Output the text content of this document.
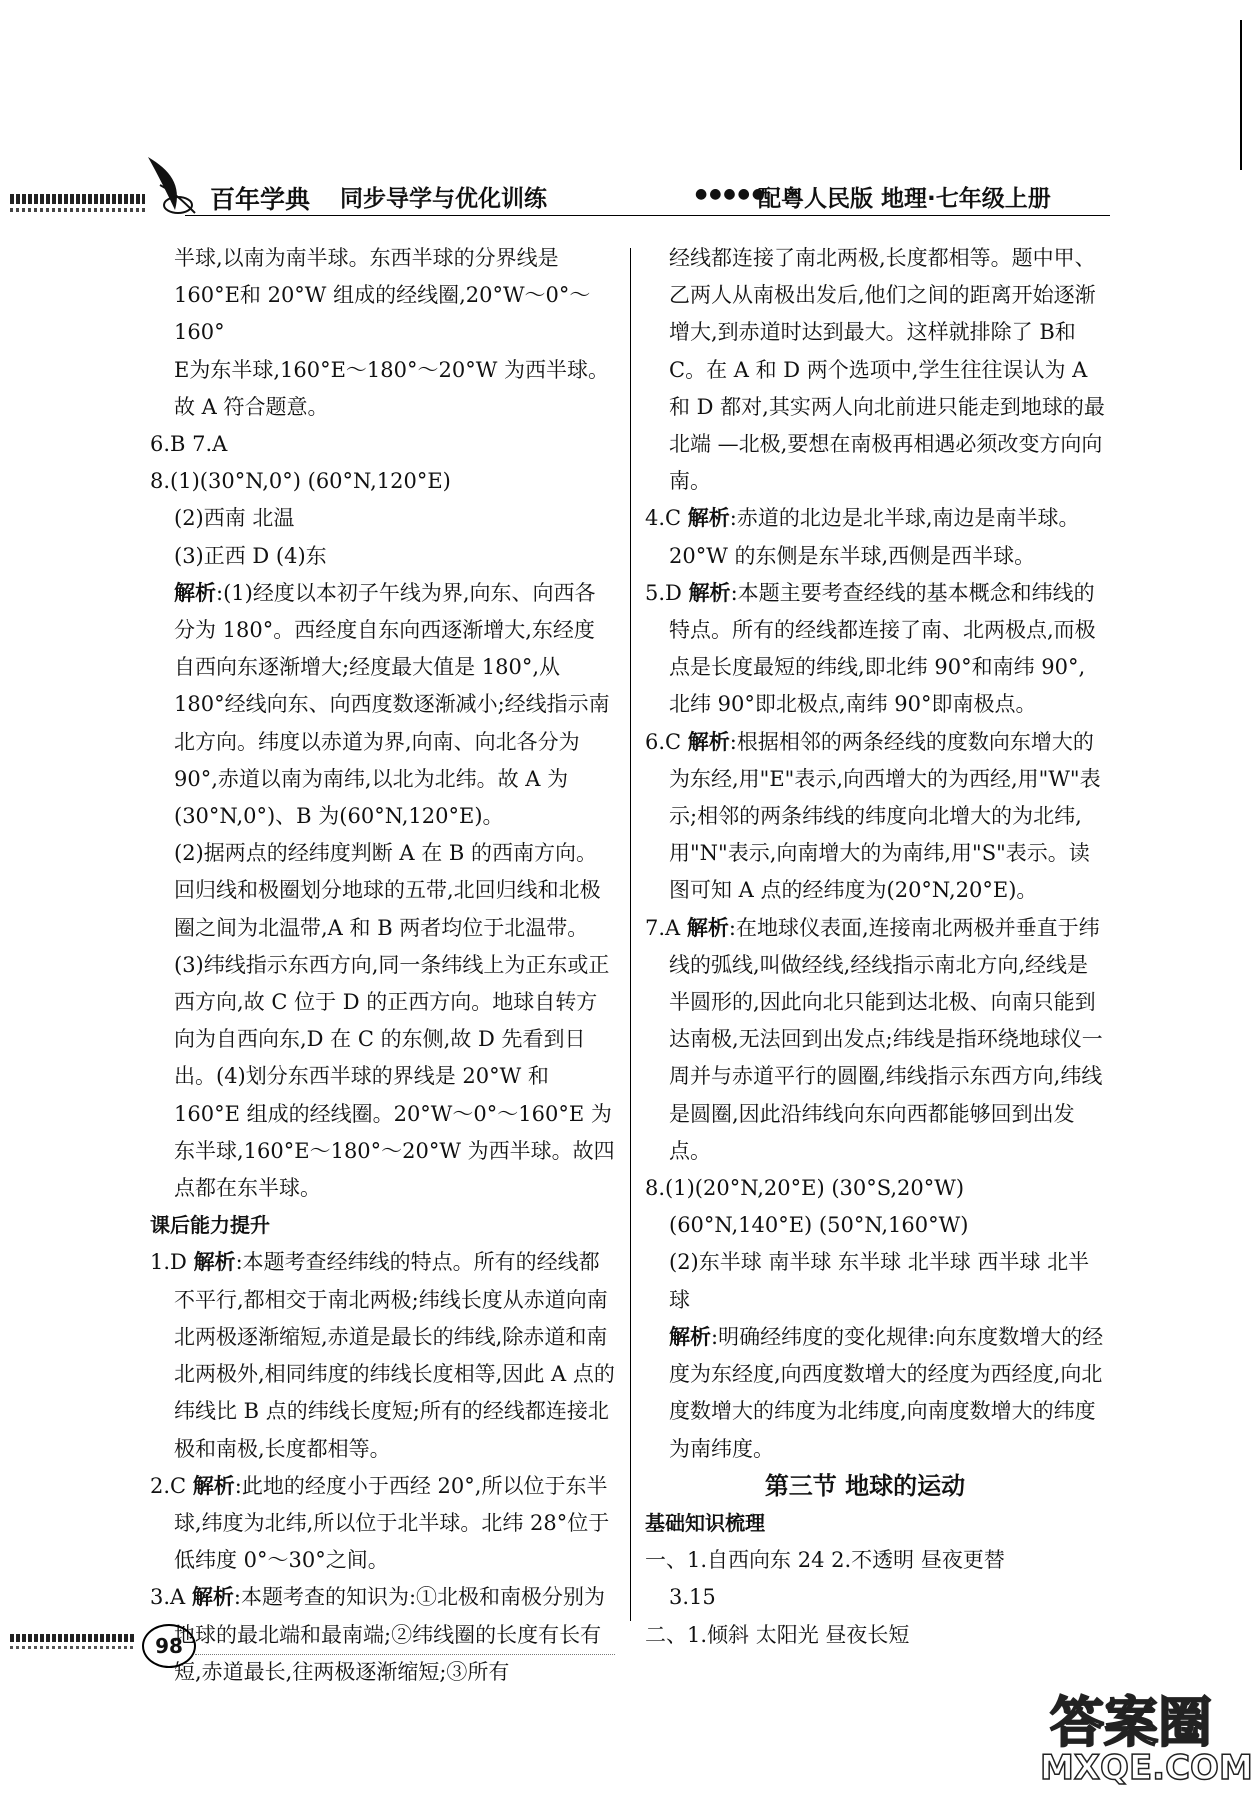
百年学典 同步导学与优化训练	●●●●●
配粤人民版 地理·七年级上册

半球,以南为南半球。东西半球的分界线是

160°E和 20°W 组成的经线圈,20°W～0°～160°

E为东半球,160°E～180°～20°W 为西半球。

故 A 符合题意。

6.B 7.A

8.(1)(30°N,0°) (60°N,120°E)

(2)西南 北温

(3)正西 D (4)东

解析:(1)经度以本初子午线为界,向东、向西各分为 180°。西经度自东向西逐渐增大,东经度自西向东逐渐增大;经度最大值是 180°,从 180°经线向东、向西度数逐渐减小;经线指示南北方向。纬度以赤道为界,向南、向北各分为 90°,赤道以南为南纬,以北为北纬。故 A 为(30°N,0°)、B 为(60°N,120°E)。

(2)据两点的经纬度判断 A 在 B 的西南方向。回归线和极圈划分地球的五带,北回归线和北极圈之间为北温带,A 和 B 两者均位于北温带。(3)纬线指示东西方向,同一条纬线上为正东或正西方向,故 C 位于 D 的正西方向。地球自转方向为自西向东,D 在 C 的东侧,故 D 先看到日出。(4)划分东西半球的界线是 20°W 和 160°E 组成的经线圈。20°W～0°～160°E 为东半球,160°E～180°～20°W 为西半球。故四点都在东半球。

课后能力提升

1.D 解析:本题考查经纬线的特点。所有的经线都不平行,都相交于南北两极;纬线长度从赤道向南北两极逐渐缩短,赤道是最长的纬线,除赤道和南北两极外,相同纬度的纬线长度相等,因此 A 点的纬线比 B 点的纬线长度短;所有的经线都连接北极和南极,长度都相等。

2.C 解析:此地的经度小于西经 20°,所以位于东半球,纬度为北纬,所以位于北半球。北纬 28°位于低纬度 0°～30°之间。

3.A 解析:本题考查的知识为:①北极和南极分别为地球的最北端和最南端;②纬线圈的长度有长有短,赤道最长,往两极逐渐缩短;③所有

经线都连接了南北两极,长度都相等。题中甲、乙两人从南极出发后,他们之间的距离开始逐渐增大,到赤道时达到最大。这样就排除了 B和 C。在 A 和 D 两个选项中,学生往往误认为 A 和 D 都对,其实两人向北前进只能走到地球的最北端 —北极,要想在南极再相遇必须改变方向向南。

4.C 解析:赤道的北边是北半球,南边是南半球。20°W 的东侧是东半球,西侧是西半球。

5.D 解析:本题主要考查经线的基本概念和纬线的特点。所有的经线都连接了南、北两极点,而极点是长度最短的纬线,即北纬 90°和南纬 90°,北纬 90°即北极点,南纬 90°即南极点。

6.C 解析:根据相邻的两条经线的度数向东增大的为东经,用"E"表示,向西增大的为西经,用"W"表示;相邻的两条纬线的纬度向北增大的为北纬,用"N"表示,向南增大的为南纬,用"S"表示。读图可知 A 点的经纬度为(20°N,20°E)。

7.A 解析:在地球仪表面,连接南北两极并垂直于纬线的弧线,叫做经线,经线指示南北方向,经线是半圆形的,因此向北只能到达北极、向南只能到达南极,无法回到出发点;纬线是指环绕地球仪一周并与赤道平行的圆圈,纬线指示东西方向,纬线是圆圈,因此沿纬线向东向西都能够回到出发点。

8.(1)(20°N,20°E) (30°S,20°W)

(60°N,140°E) (50°N,160°W)

(2)东半球 南半球 东半球 北半球 西半球 北半球

解析:明确经纬度的变化规律:向东度数增大的经度为东经度,向西度数增大的经度为西经度,向北度数增大的纬度为北纬度,向南度数增大的纬度为南纬度。

第三节 地球的运动

基础知识梳理

一、1.自西向东 24 2.不透明 昼夜更替

3.15

二、1.倾斜 太阳光 昼夜长短

98
答案圈
MXQE.COM
